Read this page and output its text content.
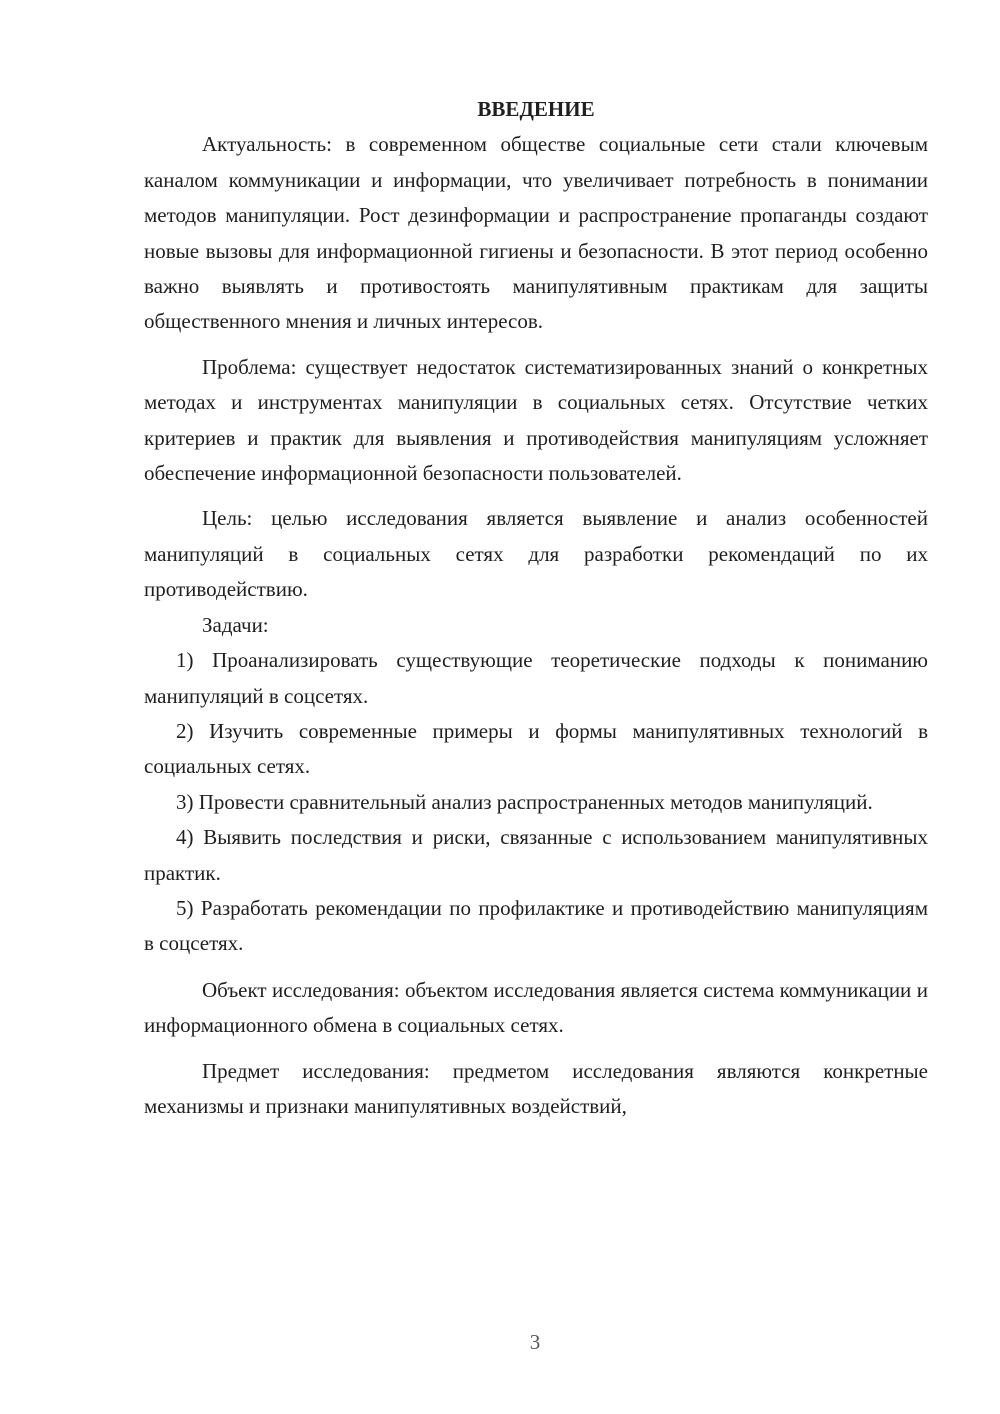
ВВЕДЕНИЕ

Актуальность: в современном обществе социальные сети стали ключевым каналом коммуникации и информации, что увеличивает потребность в понимании методов манипуляции. Рост дезинформации и распространение пропаганды создают новые вызовы для информационной гигиены и безопасности. В этот период особенно важно выявлять и противостоять манипулятивным практикам для защиты общественного мнения и личных интересов.

Проблема: существует недостаток систематизированных знаний о конкретных методах и инструментах манипуляции в социальных сетях. Отсутствие четких критериев и практик для выявления и противодействия манипуляциям усложняет обеспечение информационной безопасности пользователей.

Цель: целью исследования является выявление и анализ особенностей манипуляций в социальных сетях для разработки рекомендаций по их противодействию.

Задачи:

1) Проанализировать существующие теоретические подходы к пониманию манипуляций в соцсетях.

2) Изучить современные примеры и формы манипулятивных технологий в социальных сетях.

3) Провести сравнительный анализ распространенных методов манипуляций.

4) Выявить последствия и риски, связанные с использованием манипулятивных практик.

5) Разработать рекомендации по профилактике и противодействию манипуляциям в соцсетях.

Объект исследования: объектом исследования является система коммуникации и информационного обмена в социальных сетях.

Предмет исследования: предметом исследования являются конкретные механизмы и признаки манипулятивных воздействий,

3
